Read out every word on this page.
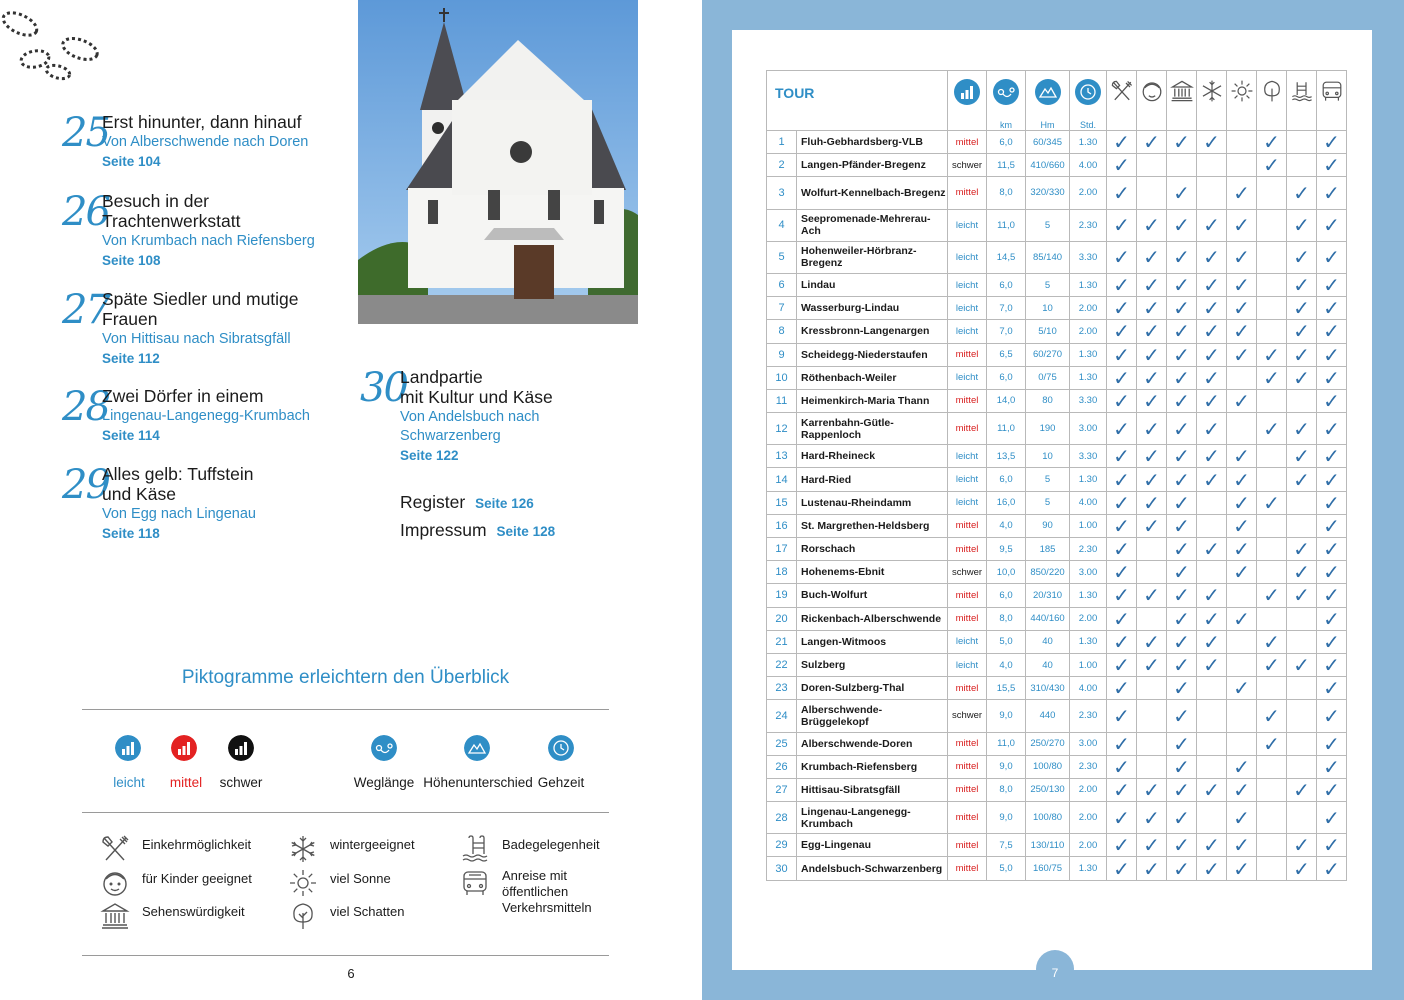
25
Erst hinunter, dann hinauf
Von Alberschwende nach Doren
Seite 104
26
Besuch in der
Trachtenwerkstatt
Von Krumbach nach Riefensberg
Seite 108
27
Späte Siedler und mutige
Frauen
Von Hittisau nach Sibratsgfäll
Seite 112
28
Zwei Dörfer in einem
Lingenau-Langenegg-Krumbach
Seite 114
29
Alles gelb: Tuffstein
und Käse
Von Egg nach Lingenau
Seite 118
30
Landpartie
mit Kultur und Käse
Von Andelsbuch nach
Schwarzenberg
Seite 122
Register Seite 126
Impressum Seite 128
Piktogramme erleichtern den Überblick
leicht	mittel	schwer	Weglänge Höhenunterschied Gehzeit
Einkehrmöglichkeit
für Kinder geeignet
Sehenswürdigkeit
wintergeeignet
viel Sonne
viel Schatten
Badegelegenheit
Anreise mit
öffentlichen
Verkehrsmitteln
6	7
TOUR			km	Hm	Std.

1	Fluh-Gebhardsberg-VLB	mittel	6,0	60/345	1.30	✓	✓	✓	✓		✓		✓
2	Langen-Pfänder-Bregenz	schwer	11,5	410/660	4.00	✓					✓		✓
3	Wolfurt-Kennelbach-Bregenz	mittel	8,0	320/330	2.00	✓		✓		✓		✓	✓
4	Seepromenade-Mehrerau-Ach	leicht	11,0	5	2.30	✓	✓	✓	✓	✓		✓	✓
5	Hohenweiler-Hörbranz-Bregenz	leicht	14,5	85/140	3.30	✓	✓	✓	✓	✓		✓	✓
6	Lindau	leicht	6,0	5	1.30	✓	✓	✓	✓	✓		✓	✓
7	Wasserburg-Lindau	leicht	7,0	10	2.00	✓	✓	✓	✓	✓		✓	✓
8	Kressbronn-Langenargen	leicht	7,0	5/10	2.00	✓	✓	✓	✓	✓		✓	✓
9	Scheidegg-Niederstaufen	mittel	6,5	60/270	1.30	✓	✓	✓	✓	✓	✓	✓	✓
10	Röthenbach-Weiler	leicht	6,0	0/75	1.30	✓	✓	✓	✓		✓	✓	✓
11	Heimenkirch-Maria Thann	mittel	14,0	80	3.30	✓	✓	✓	✓	✓			✓
12	Karrenbahn-Gütle-Rappenloch	mittel	11,0	190	3.00	✓	✓	✓	✓		✓	✓	✓
13	Hard-Rheineck	leicht	13,5	10	3.30	✓	✓	✓	✓	✓		✓	✓
14	Hard-Ried	leicht	6,0	5	1.30	✓	✓	✓	✓	✓		✓	✓
15	Lustenau-Rheindamm	leicht	16,0	5	4.00	✓	✓	✓		✓	✓		✓
16	St. Margrethen-Heldsberg	mittel	4,0	90	1.00	✓	✓	✓		✓			✓
17	Rorschach	mittel	9,5	185	2.30	✓		✓	✓	✓		✓	✓
18	Hohenems-Ebnit	schwer	10,0	850/220	3.00	✓		✓		✓		✓	✓
19	Buch-Wolfurt	mittel	6,0	20/310	1.30	✓	✓	✓	✓		✓	✓	✓
20	Rickenbach-Alberschwende	mittel	8,0	440/160	2.00	✓		✓	✓	✓			✓
21	Langen-Witmoos	leicht	5,0	40	1.30	✓	✓	✓	✓		✓		✓
22	Sulzberg	leicht	4,0	40	1.00	✓	✓	✓	✓		✓	✓	✓
23	Doren-Sulzberg-Thal	mittel	15,5	310/430	4.00	✓		✓		✓			✓
24	Alberschwende-Brüggelekopf	schwer	9,0	440	2.30	✓		✓			✓		✓
25	Alberschwende-Doren	mittel	11,0	250/270	3.00	✓		✓			✓		✓
26	Krumbach-Riefensberg	mittel	9,0	100/80	2.30	✓		✓		✓			✓
27	Hittisau-Sibratsgfäll	mittel	8,0	250/130	2.00	✓	✓	✓	✓	✓		✓	✓
28	Lingenau-Langenegg-Krumbach	mittel	9,0	100/80	2.00	✓	✓	✓		✓			✓
29	Egg-Lingenau	mittel	7,5	130/110	2.00	✓	✓	✓	✓	✓		✓	✓
30	Andelsbuch-Schwarzenberg	mittel	5,0	160/75	1.30	✓	✓	✓	✓	✓		✓	✓
